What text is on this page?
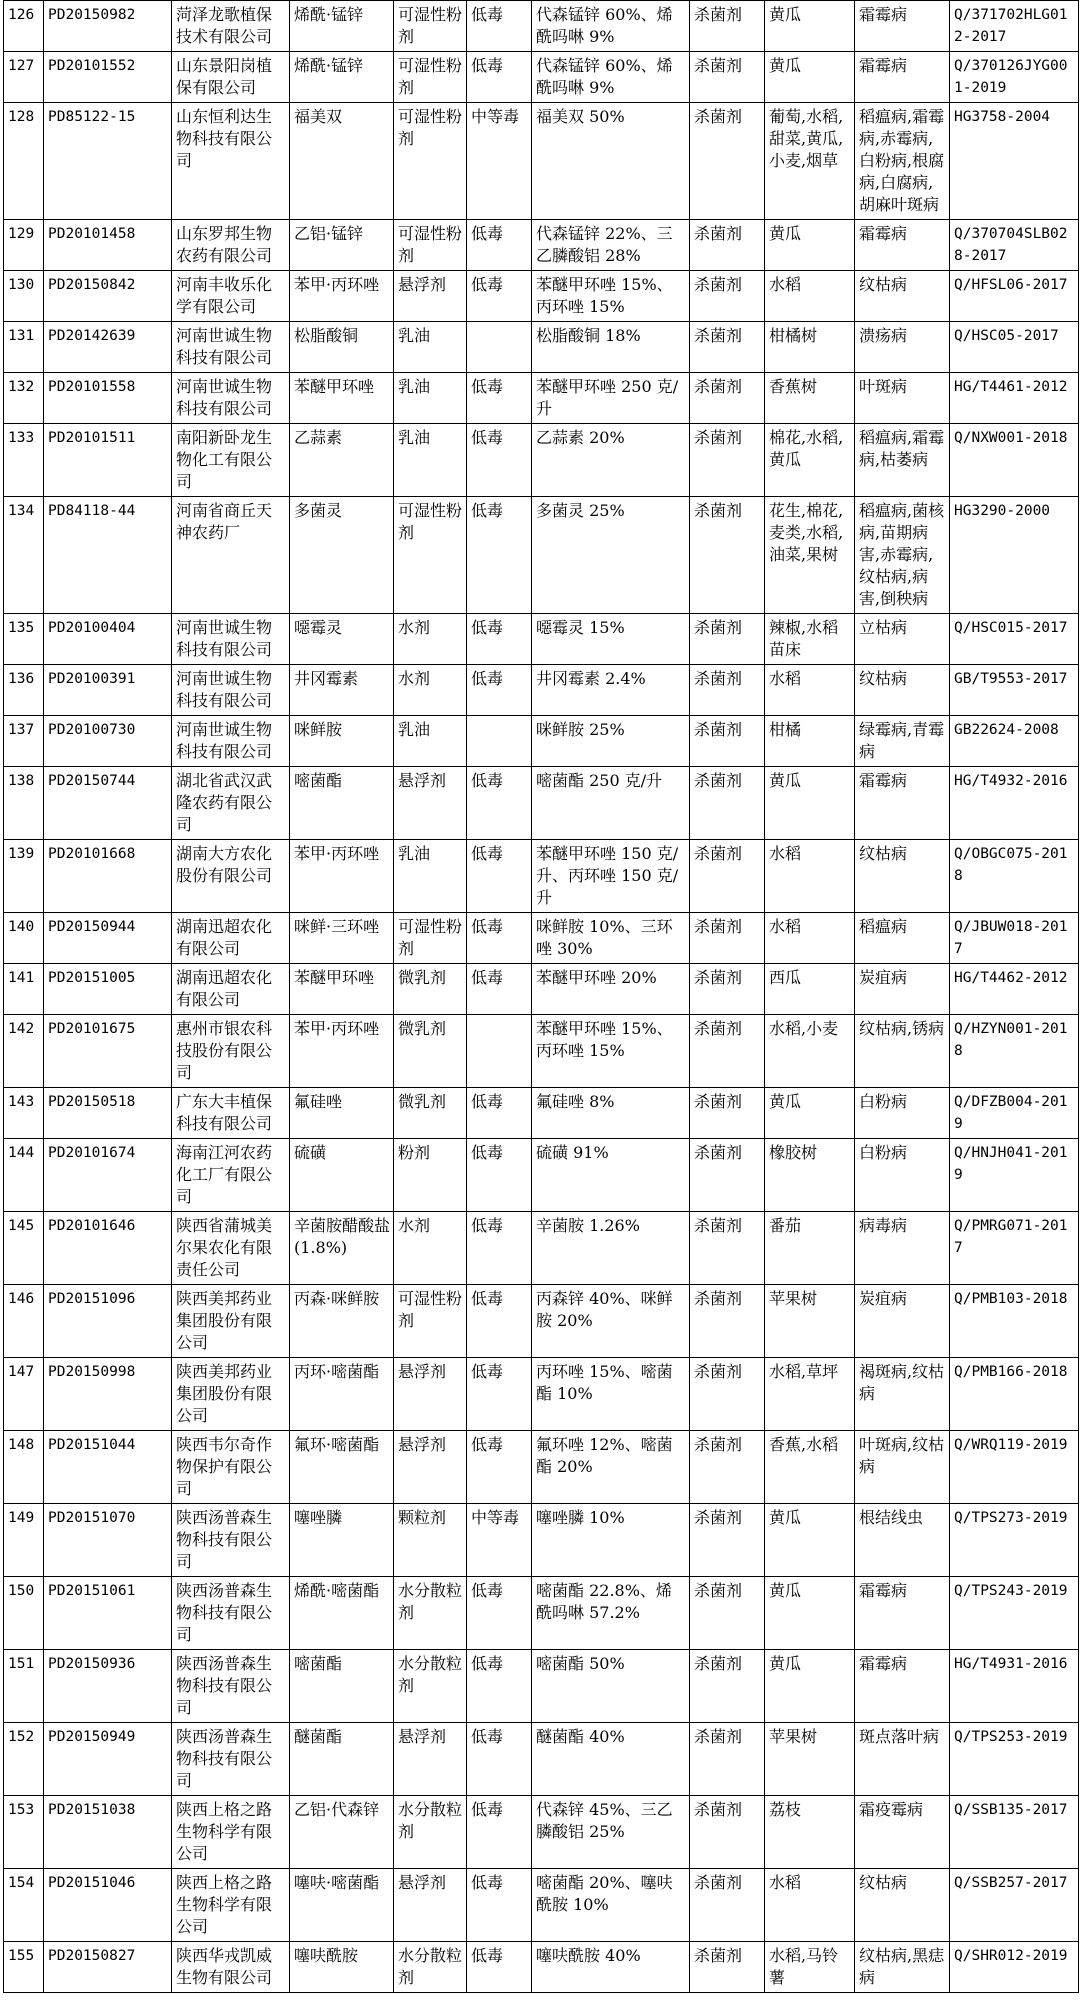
126	PD20150982	菏泽龙歌植保技术有限公司	烯酰·锰锌	可湿性粉剂	低毒	代森锰锌 60%、烯酰吗啉 9%	杀菌剂	黄瓜	霜霉病	Q/371702HLG012-2017
127	PD20101552	山东景阳岗植保有限公司	烯酰·锰锌	可湿性粉剂	低毒	代森锰锌 60%、烯酰吗啉 9%	杀菌剂	黄瓜	霜霉病	Q/370126JYG001-2019
128	PD85122-15	山东恒利达生物科技有限公司	福美双	可湿性粉剂	中等毒	福美双 50%	杀菌剂	葡萄,水稻,甜菜,黄瓜,小麦,烟草	稻瘟病,霜霉病,赤霉病,白粉病,根腐病,白腐病,胡麻叶斑病	HG3758-2004
129	PD20101458	山东罗邦生物农药有限公司	乙铝·锰锌	可湿性粉剂	低毒	代森锰锌 22%、三乙膦酸铝 28%	杀菌剂	黄瓜	霜霉病	Q/370704SLB028-2017
130	PD20150842	河南丰收乐化学有限公司	苯甲·丙环唑	悬浮剂	低毒	苯醚甲环唑 15%、丙环唑 15%	杀菌剂	水稻	纹枯病	Q/HFSL06-2017
131	PD20142639	河南世诚生物科技有限公司	松脂酸铜	乳油		松脂酸铜 18%	杀菌剂	柑橘树	溃疡病	Q/HSC05-2017
132	PD20101558	河南世诚生物科技有限公司	苯醚甲环唑	乳油	低毒	苯醚甲环唑 250 克/升	杀菌剂	香蕉树	叶斑病	HG/T4461-2012
133	PD20101511	南阳新卧龙生物化工有限公司	乙蒜素	乳油	低毒	乙蒜素 20%	杀菌剂	棉花,水稻,黄瓜	稻瘟病,霜霉病,枯萎病	Q/NXW001-2018
134	PD84118-44	河南省商丘天神农药厂	多菌灵	可湿性粉剂	低毒	多菌灵 25%	杀菌剂	花生,棉花,麦类,水稻,油菜,果树	稻瘟病,菌核病,苗期病害,赤霉病,纹枯病,病害,倒秧病	HG3290-2000
135	PD20100404	河南世诚生物科技有限公司	噁霉灵	水剂	低毒	噁霉灵 15%	杀菌剂	辣椒,水稻苗床	立枯病	Q/HSC015-2017
136	PD20100391	河南世诚生物科技有限公司	井冈霉素	水剂	低毒	井冈霉素 2.4%	杀菌剂	水稻	纹枯病	GB/T9553-2017
137	PD20100730	河南世诚生物科技有限公司	咪鲜胺	乳油		咪鲜胺 25%	杀菌剂	柑橘	绿霉病,青霉病	GB22624-2008
138	PD20150744	湖北省武汉武隆农药有限公司	嘧菌酯	悬浮剂	低毒	嘧菌酯 250 克/升	杀菌剂	黄瓜	霜霉病	HG/T4932-2016
139	PD20101668	湖南大方农化股份有限公司	苯甲·丙环唑	乳油	低毒	苯醚甲环唑 150 克/升、丙环唑 150 克/升	杀菌剂	水稻	纹枯病	Q/OBGC075-2018
140	PD20150944	湖南迅超农化有限公司	咪鲜·三环唑	可湿性粉剂	低毒	咪鲜胺 10%、三环唑 30%	杀菌剂	水稻	稻瘟病	Q/JBUW018-2017
141	PD20151005	湖南迅超农化有限公司	苯醚甲环唑	微乳剂	低毒	苯醚甲环唑 20%	杀菌剂	西瓜	炭疽病	HG/T4462-2012
142	PD20101675	惠州市银农科技股份有限公司	苯甲·丙环唑	微乳剂		苯醚甲环唑 15%、丙环唑 15%	杀菌剂	水稻,小麦	纹枯病,锈病	Q/HZYN001-2018
143	PD20150518	广东大丰植保科技有限公司	氟硅唑	微乳剂	低毒	氟硅唑 8%	杀菌剂	黄瓜	白粉病	Q/DFZB004-2019
144	PD20101674	海南江河农药化工厂有限公司	硫磺	粉剂	低毒	硫磺 91%	杀菌剂	橡胶树	白粉病	Q/HNJH041-2019
145	PD20101646	陕西省蒲城美尔果农化有限责任公司	辛菌胺醋酸盐(1.8%)	水剂	低毒	辛菌胺 1.26%	杀菌剂	番茄	病毒病	Q/PMRG071-2017
146	PD20151096	陕西美邦药业集团股份有限公司	丙森·咪鲜胺	可湿性粉剂	低毒	丙森锌 40%、咪鲜胺 20%	杀菌剂	苹果树	炭疽病	Q/PMB103-2018
147	PD20150998	陕西美邦药业集团股份有限公司	丙环·嘧菌酯	悬浮剂	低毒	丙环唑 15%、嘧菌酯 10%	杀菌剂	水稻,草坪	褐斑病,纹枯病	Q/PMB166-2018
148	PD20151044	陕西韦尔奇作物保护有限公司	氟环·嘧菌酯	悬浮剂	低毒	氟环唑 12%、嘧菌酯 20%	杀菌剂	香蕉,水稻	叶斑病,纹枯病	Q/WRQ119-2019
149	PD20151070	陕西汤普森生物科技有限公司	噻唑膦	颗粒剂	中等毒	噻唑膦 10%	杀菌剂	黄瓜	根结线虫	Q/TPS273-2019
150	PD20151061	陕西汤普森生物科技有限公司	烯酰·嘧菌酯	水分散粒剂	低毒	嘧菌酯 22.8%、烯酰吗啉 57.2%	杀菌剂	黄瓜	霜霉病	Q/TPS243-2019
151	PD20150936	陕西汤普森生物科技有限公司	嘧菌酯	水分散粒剂	低毒	嘧菌酯 50%	杀菌剂	黄瓜	霜霉病	HG/T4931-2016
152	PD20150949	陕西汤普森生物科技有限公司	醚菌酯	悬浮剂	低毒	醚菌酯 40%	杀菌剂	苹果树	斑点落叶病	Q/TPS253-2019
153	PD20151038	陕西上格之路生物科学有限公司	乙铝·代森锌	水分散粒剂	低毒	代森锌 45%、三乙膦酸铝 25%	杀菌剂	荔枝	霜疫霉病	Q/SSB135-2017
154	PD20151046	陕西上格之路生物科学有限公司	噻呋·嘧菌酯	悬浮剂	低毒	嘧菌酯 20%、噻呋酰胺 10%	杀菌剂	水稻	纹枯病	Q/SSB257-2017
155	PD20150827	陕西华戎凯威生物有限公司	噻呋酰胺	水分散粒剂	低毒	噻呋酰胺 40%	杀菌剂	水稻,马铃薯	纹枯病,黑痣病	Q/SHR012-2019
